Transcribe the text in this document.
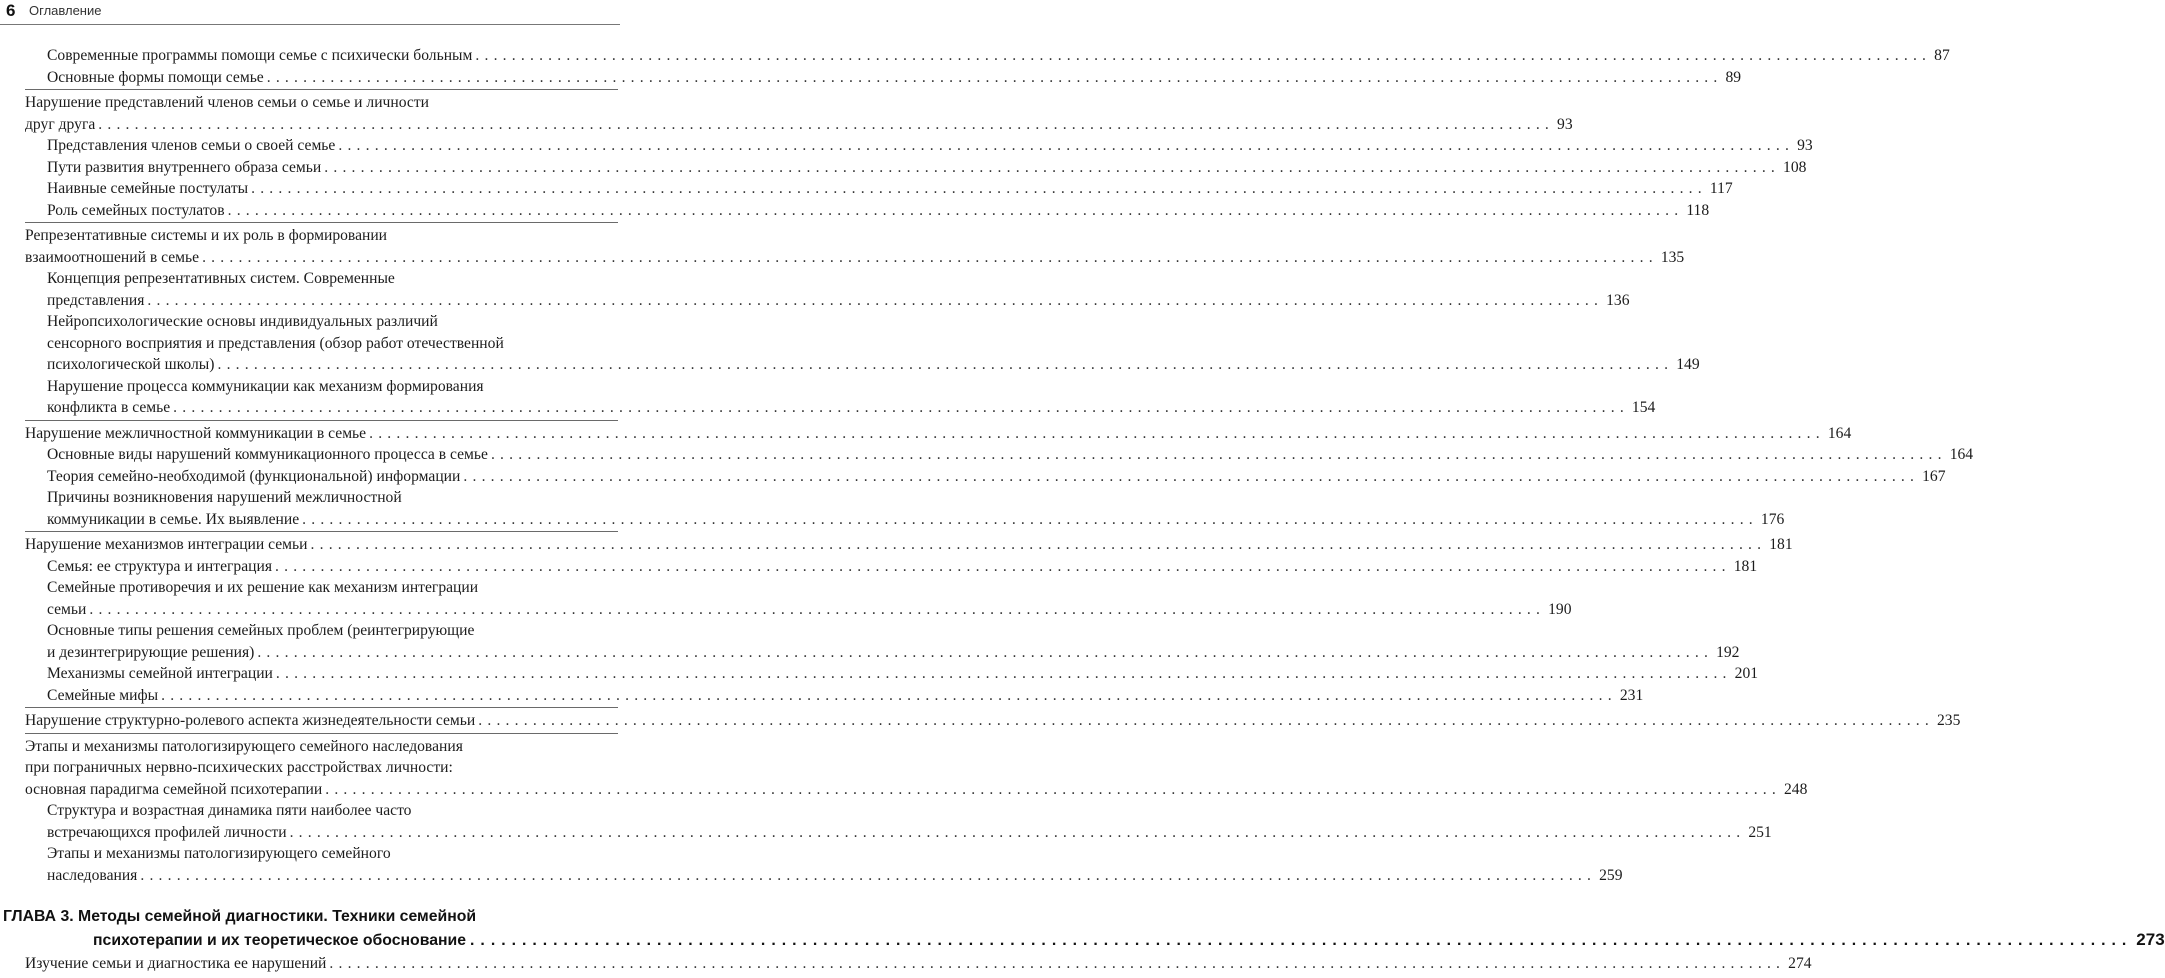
6 Оглавление
Современные программы помощи семье с психически больным ................................................................................................................................................................ 87
Основные формы помощи семье ................................................................................................................................................................ 89
Нарушение представлений членов семьи о семье и личности
друг друга ................................................................................................................................................................ 93
Представления членов семьи о своей семье ................................................................................................................................................................ 93
Пути развития внутреннего образа семьи ................................................................................................................................................................ 108
Наивные семейные постулаты ................................................................................................................................................................ 117
Роль семейных постулатов ................................................................................................................................................................ 118
Репрезентативные системы и их роль в формировании
взаимоотношений в семье ................................................................................................................................................................ 135
Концепция репрезентативных систем. Современные
представления ................................................................................................................................................................ 136
Нейропсихологические основы индивидуальных различий
сенсорного восприятия и представления (обзор работ отечественной
психологической школы) ................................................................................................................................................................ 149
Нарушение процесса коммуникации как механизм формирования
конфликта в семье ................................................................................................................................................................ 154
Нарушение межличностной коммуникации в семье ................................................................................................................................................................ 164
Основные виды нарушений коммуникационного процесса в семье ................................................................................................................................................................ 164
Теория семейно-необходимой (функциональной) информации ................................................................................................................................................................ 167
Причины возникновения нарушений межличностной
коммуникации в семье. Их выявление ................................................................................................................................................................ 176
Нарушение механизмов интеграции семьи ................................................................................................................................................................ 181
Семья: ее структура и интеграция ................................................................................................................................................................ 181
Семейные противоречия и их решение как механизм интеграции
семьи ................................................................................................................................................................ 190
Основные типы решения семейных проблем (реинтегрирующие
и дезинтегрирующие решения) ................................................................................................................................................................ 192
Механизмы семейной интеграции ................................................................................................................................................................ 201
Семейные мифы ................................................................................................................................................................ 231
Нарушение структурно-ролевого аспекта жизнедеятельности семьи ................................................................................................................................................................ 235
Этапы и механизмы патологизирующего семейного наследования
при пограничных нервно-психических расстройствах личности:
основная парадигма семейной психотерапии ................................................................................................................................................................ 248
Структура и возрастная динамика пяти наиболее часто
встречающихся профилей личности ................................................................................................................................................................ 251
Этапы и механизмы патологизирующего семейного
наследования ................................................................................................................................................................ 259
ГЛАВА 3. Методы семейной диагностики. Техники семейной
психотерапии и их теоретическое обоснование ................................................................................................................................................................ 273
Изучение семьи и диагностика ее нарушений ................................................................................................................................................................ 274
